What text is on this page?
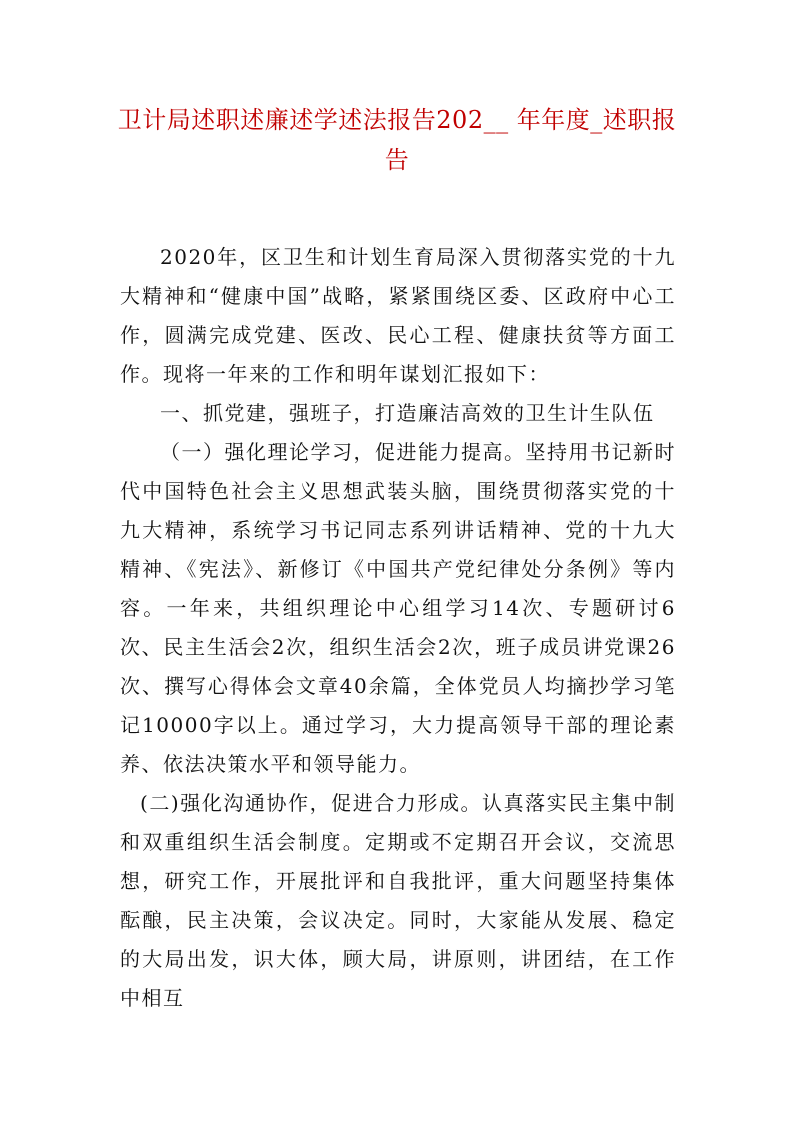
卫计局述职述廉述学述法报告202__ 年年度_述职报告

2020年，区卫生和计划生育局深入贯彻落实党的十九大精神和“健康中国”战略，紧紧围绕区委、区政府中心工作，圆满完成党建、医改、民心工程、健康扶贫等方面工作。现将一年来的工作和明年谋划汇报如下：

一、抓党建，强班子，打造廉洁高效的卫生计生队伍

（一）强化理论学习，促进能力提高。坚持用书记新时代中国特色社会主义思想武装头脑，围绕贯彻落实党的十九大精神，系统学习书记同志系列讲话精神、党的十九大精神、《宪法》、新修订《中国共产党纪律处分条例》等内容。一年来，共组织理论中心组学习14次、专题研讨6次、民主生活会2次，组织生活会2次，班子成员讲党课26次、撰写心得体会文章40余篇，全体党员人均摘抄学习笔记10000字以上。通过学习，大力提高领导干部的理论素养、依法决策水平和领导能力。

(二)强化沟通协作，促进合力形成。认真落实民主集中制和双重组织生活会制度。定期或不定期召开会议，交流思想，研究工作，开展批评和自我批评，重大问题坚持集体酝酿，民主决策，会议决定。同时，大家能从发展、稳定的大局出发，识大体，顾大局，讲原则，讲团结，在工作中相互
